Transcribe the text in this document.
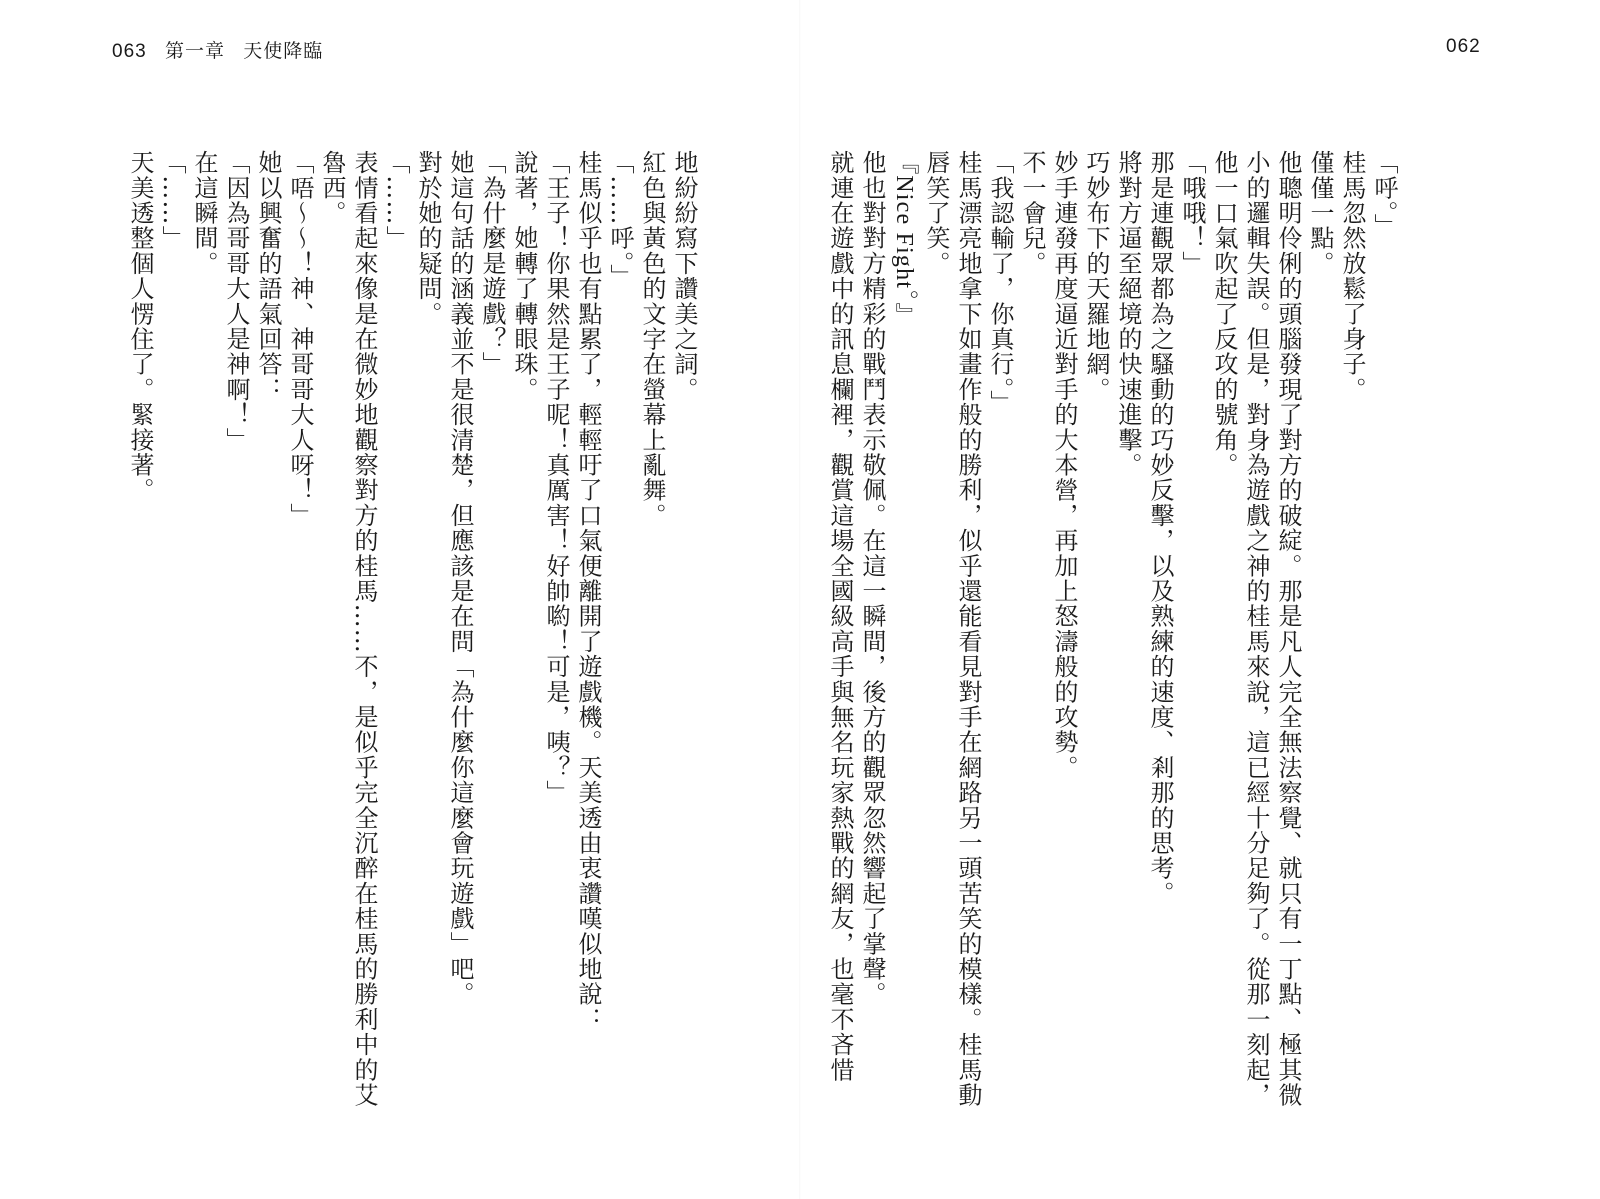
063 第一章 天使降臨	062

「呼。」

桂馬忽然放鬆了身子。

僅僅一點。

他聰明伶俐的頭腦發現了對方的破綻。那是凡人完全無法察覺、就只有一丁點、極其微小的邏輯失誤。但是，對身為遊戲之神的桂馬來說，這已經十分足夠了。從那一刻起，他一口氣吹起了反攻的號角。

「哦哦！」

那是連觀眾都為之騷動的巧妙反擊，以及熟練的速度、剎那的思考。

將對方逼至絕境的快速進擊。

巧妙布下的天羅地網。

妙手連發再度逼近對手的大本營，再加上怒濤般的攻勢。

不一會兒。

「我認輸了，你真行。」

桂馬漂亮地拿下如畫作般的勝利，似乎還能看見對手在網路另一頭苦笑的模樣。桂馬動唇笑了笑。

『Nice Fight。』

他也對對方精彩的戰鬥表示敬佩。在這一瞬間，後方的觀眾忽然響起了掌聲。

就連在遊戲中的訊息欄裡，觀賞這場全國級高手與無名玩家熱戰的網友，也毫不吝惜

地紛紛寫下讚美之詞。

紅色與黃色的文字在螢幕上亂舞。

「……呼。」

桂馬似乎也有點累了，輕輕吁了口氣便離開了遊戲機。天美透由衷讚嘆似地說：

「王子！你果然是王子呢！真厲害！好帥喲！可是，咦？」

說著，她轉了轉眼珠。

「為什麼是遊戲？」

她這句話的涵義並不是很清楚，但應該是在問「為什麼你這麼會玩遊戲」吧。

對於她的疑問。

「……」

表情看起來像是在微妙地觀察對方的桂馬……不，是似乎完全沉醉在桂馬的勝利中的艾魯西。

「唔～～！神、神哥哥大人呀！」

她以興奮的語氣回答：

「因為哥哥大人是神啊！」

在這瞬間。

「……」

天美透整個人愣住了。緊接著。
